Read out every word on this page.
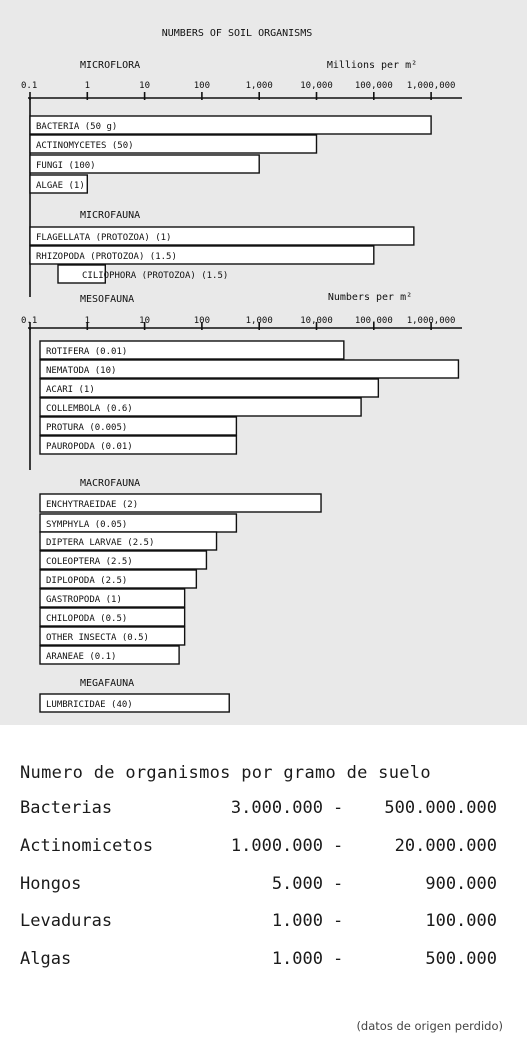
NUMBERS OF SOIL ORGANISMS
0.1	1	10	100	1,000	10,000 100,000 1,000,000
Millions per m²
MICROFLORA
BACTERIA (50 g)
ACTINOMYCETES (50)
FUNGI (100)
ALGAE (1)
MICROFAUNA
FLAGELLATA (PROTOZOA) (1)
RHIZOPODA (PROTOZOA) (1.5)
CILIOPHORA (PROTOZOA) (1.5)
0.1	1	10	100	1,000	10,000 100,000 1,000,000
Numbers per m²
MESOFAUNA
ROTIFERA (0.01)
NEMATODA (10)
ACARI (1)
COLLEMBOLA (0.6)
PROTURA (0.005)
PAUROPODA (0.01)
MACROFAUNA
ENCHYTRAEIDAE (2)
SYMPHYLA (0.05)
DIPTERA LARVAE (2.5)
COLEOPTERA (2.5)
DIPLOPODA (2.5)
GASTROPODA (1)
CHILOPODA (0.5)
OTHER INSECTA (0.5)
ARANEAE (0.1)
MEGAFAUNA
LUMBRICIDAE (40)
Numero de organismos por gramo de suelo
Bacterias	3.000.000 - 500.000.000
Actinomicetos	1.000.000 -	20.000.000
Hongos	5.000 -	900.000
Levaduras	1.000 -	100.000
Algas	1.000 -	500.000
(datos de origen perdido)
